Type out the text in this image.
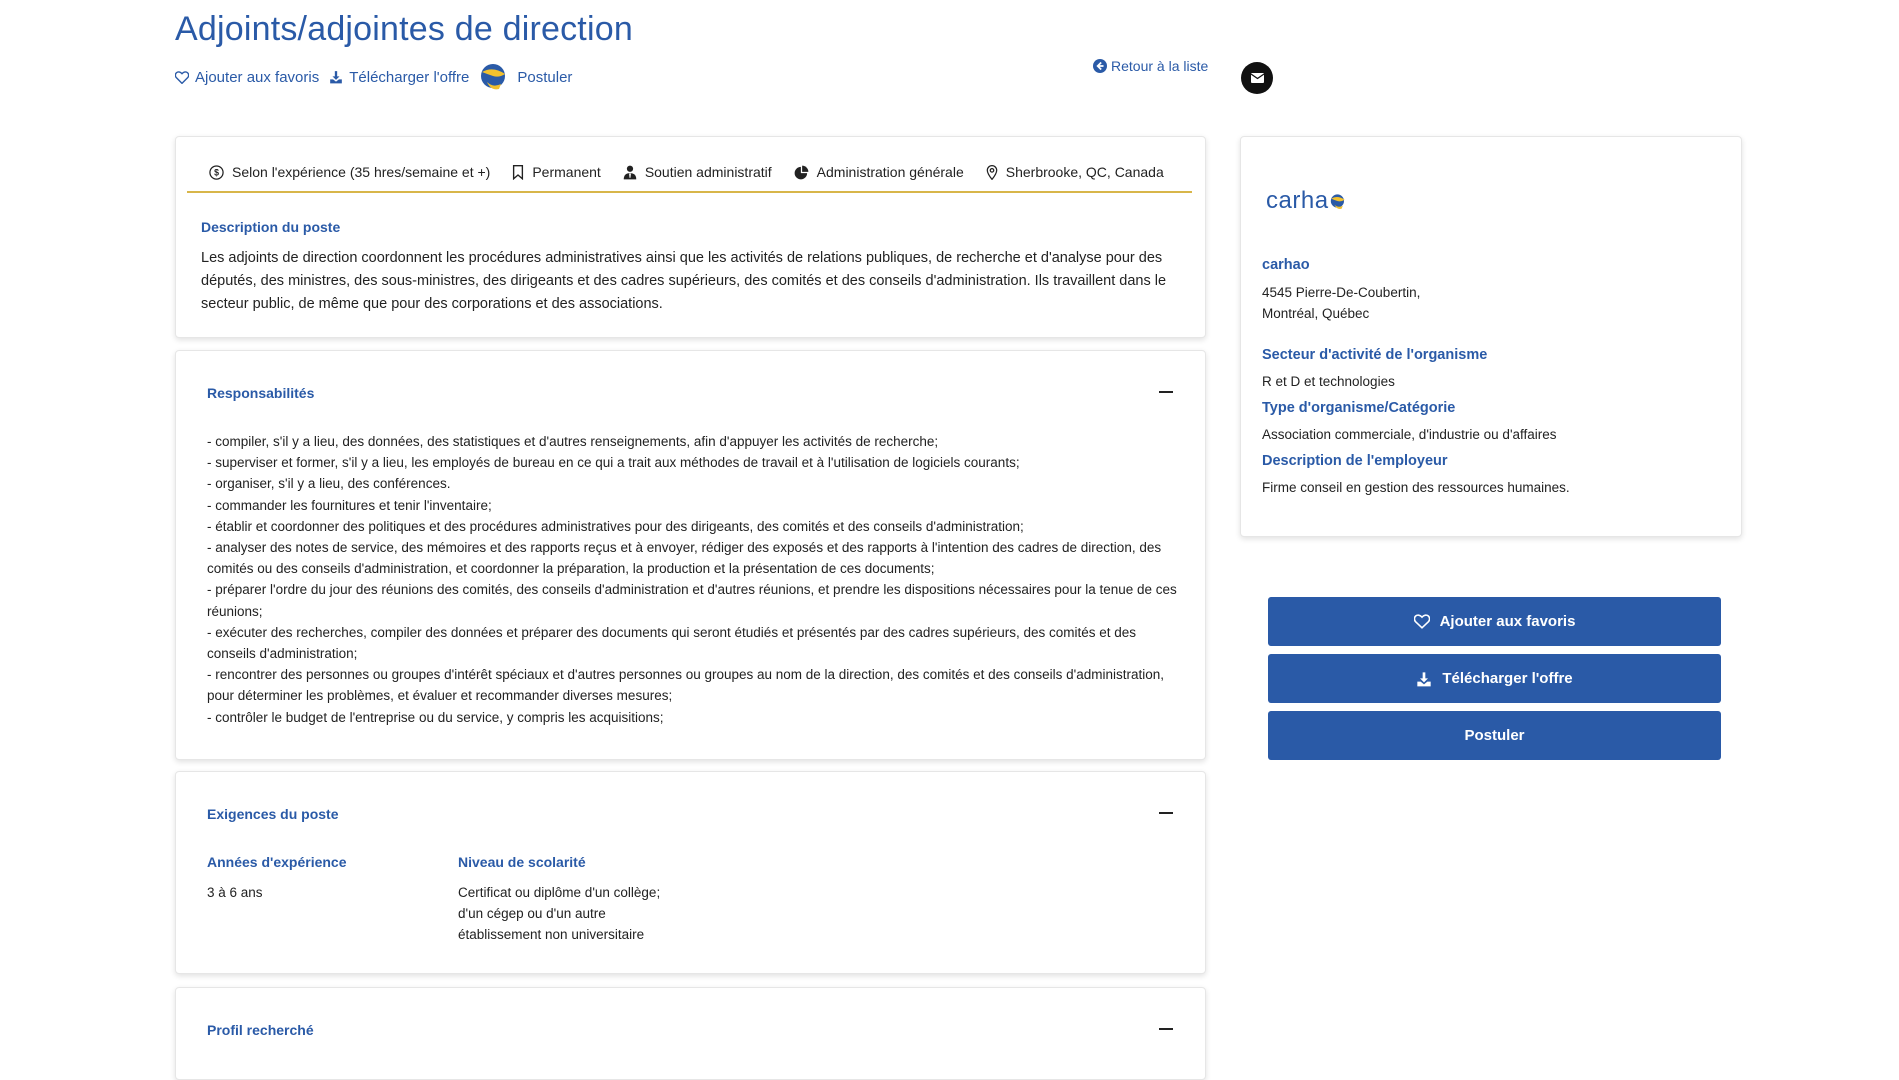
Adjoints/adjointes de direction
Ajouter aux favoris Télécharger l'offre	Postuler
Retour à la liste
$ Selon l'expérience (35 hres/semaine et +)	Permanent	Soutien administratif	Administration générale	Sherbrooke, QC, Canada
Description du poste

Les adjoints de direction coordonnent les procédures administratives ainsi que les activités de relations publiques, de recherche et d'analyse pour des députés, des ministres, des sous-ministres, des dirigeants et des cadres supérieurs, des comités et des conseils d'administration. Ils travaillent dans le secteur public, de même que pour des corporations et des associations.

Responsabilités
- compiler, s'il y a lieu, des données, des statistiques et d'autres renseignements, afin d'appuyer les activités de recherche;
- superviser et former, s'il y a lieu, les employés de bureau en ce qui a trait aux méthodes de travail et à l'utilisation de logiciels courants;
- organiser, s'il y a lieu, des conférences.
- commander les fournitures et tenir l'inventaire;
- établir et coordonner des politiques et des procédures administratives pour des dirigeants, des comités et des conseils d'administration;
- analyser des notes de service, des mémoires et des rapports reçus et à envoyer, rédiger des exposés et des rapports à l'intention des cadres de direction, des comités ou des conseils d'administration, et coordonner la préparation, la production et la présentation de ces documents;
- préparer l'ordre du jour des réunions des comités, des conseils d'administration et d'autres réunions, et prendre les dispositions nécessaires pour la tenue de ces réunions;
- exécuter des recherches, compiler des données et préparer des documents qui seront étudiés et présentés par des cadres supérieurs, des comités et des conseils d'administration;
- rencontrer des personnes ou groupes d'intérêt spéciaux et d'autres personnes ou groupes au nom de la direction, des comités et des conseils d'administration, pour déterminer les problèmes, et évaluer et recommander diverses mesures;
- contrôler le budget de l'entreprise ou du service, y compris les acquisitions;
Exigences du poste
Années d'expérience
3 à 6 ans
Niveau de scolarité
Certificat ou diplôme d'un collège;
d'un cégep ou d'un autre
établissement non universitaire
Profil recherché
carha
carhao
4545 Pierre-De-Coubertin,
Montréal, Québec
Secteur d'activité de l'organisme
R et D et technologies
Type d'organisme/Catégorie
Association commerciale, d'industrie ou d'affaires
Description de l'employeur
Firme conseil en gestion des ressources humaines.
Ajouter aux favoris
Télécharger l'offre
Postuler
